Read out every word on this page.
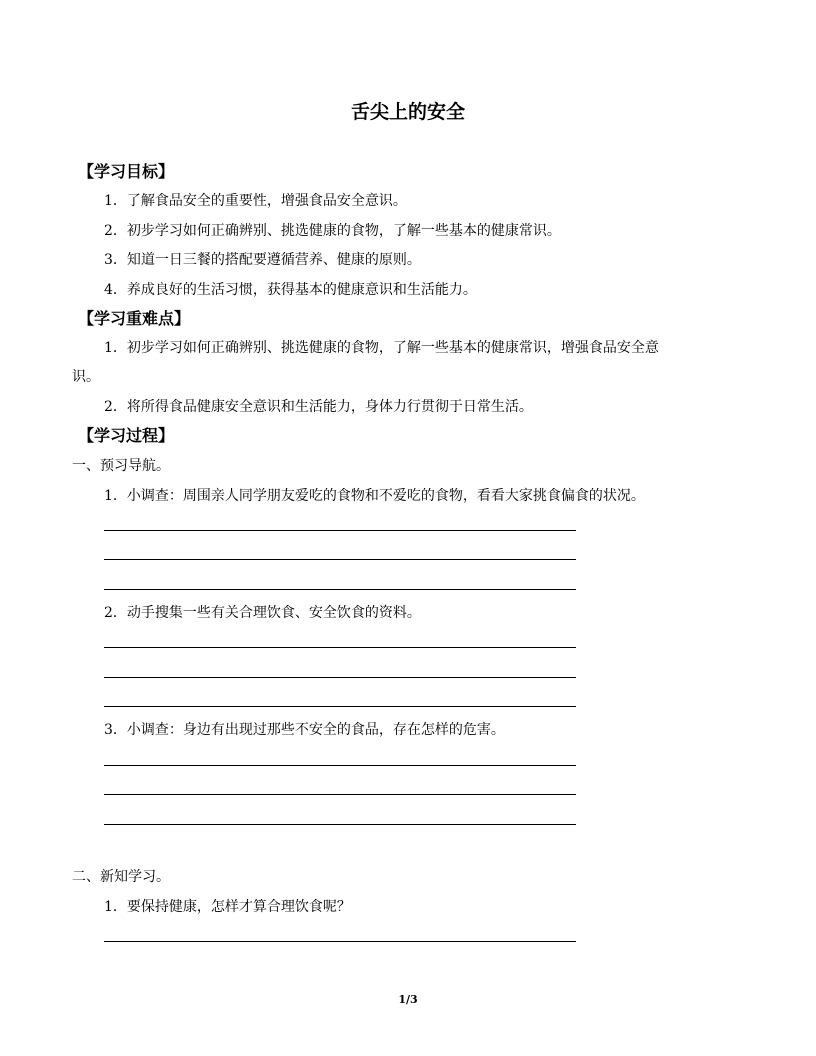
舌尖上的安全
【学习目标】
1．了解食品安全的重要性，增强食品安全意识。
2．初步学习如何正确辨别、挑选健康的食物，了解一些基本的健康常识。
3．知道一日三餐的搭配要遵循营养、健康的原则。
4．养成良好的生活习惯，获得基本的健康意识和生活能力。
【学习重难点】
1．初步学习如何正确辨别、挑选健康的食物，了解一些基本的健康常识，增强食品安全意
识。
2．将所得食品健康安全意识和生活能力，身体力行贯彻于日常生活。
【学习过程】
一、预习导航。
1．小调查：周围亲人同学朋友爱吃的食物和不爱吃的食物，看看大家挑食偏食的状况。
2．动手搜集一些有关合理饮食、安全饮食的资料。
3．小调查：身边有出现过那些不安全的食品，存在怎样的危害。
二、新知学习。
1．要保持健康，怎样才算合理饮食呢？
1/3
